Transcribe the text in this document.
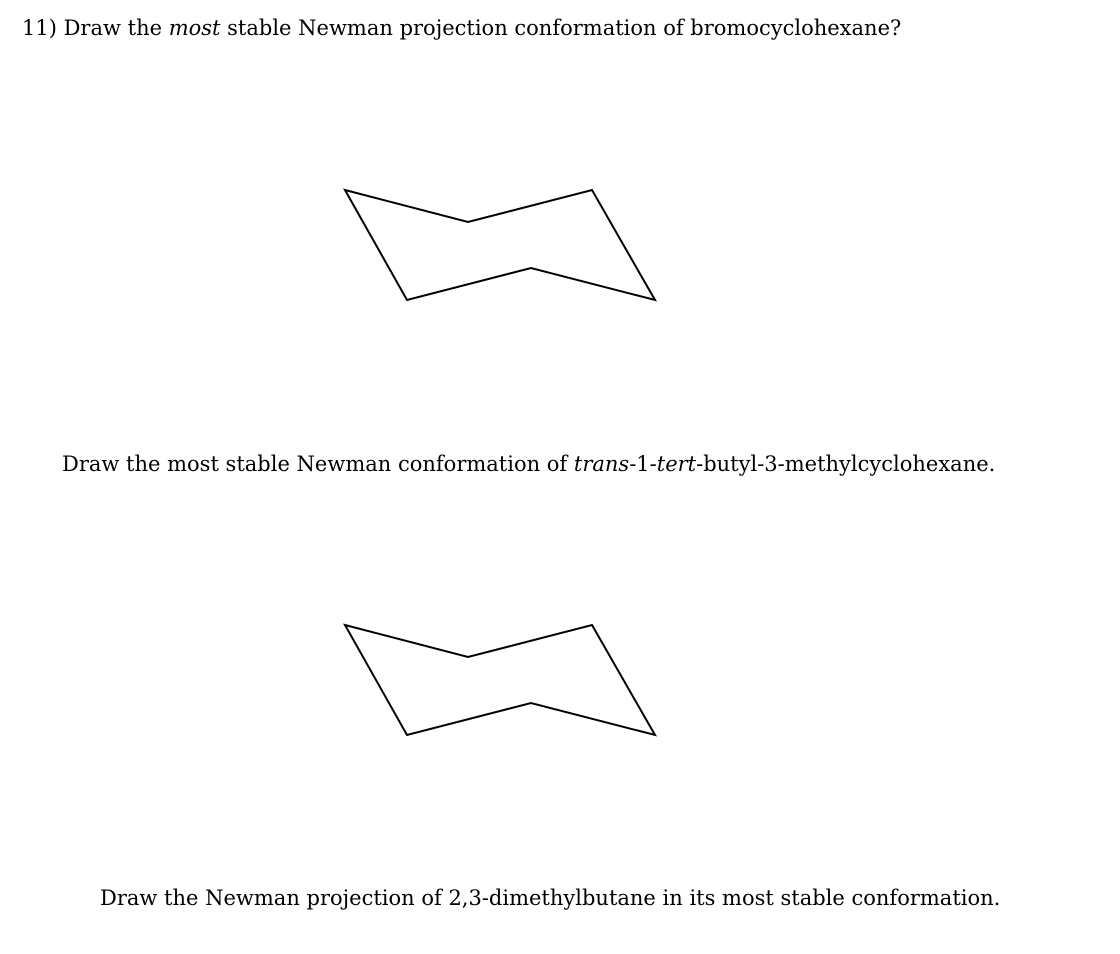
11) Draw the most stable Newman projection conformation of bromocyclohexane?

Draw the most stable Newman conformation of trans-1-tert-butyl-3-methylcyclohexane.

Draw the Newman projection of 2,3-dimethylbutane in its most stable conformation.
